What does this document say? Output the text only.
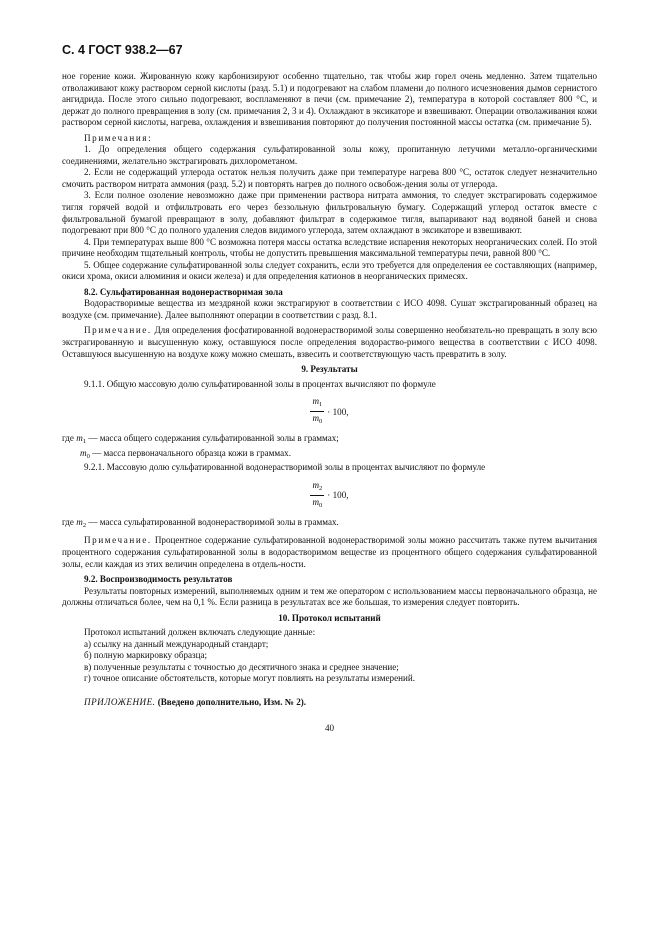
С. 4 ГОСТ 938.2—67

ное горение кожи. Жированную кожу карбонизируют особенно тщательно, так чтобы жир горел очень медленно. Затем тщательно отволаживают кожу раствором серной кислоты (разд. 5.1) и подогревают на слабом пламени до полного исчезновения дымов сернистого ангидрида. После этого сильно подогревают, воспламеняют в печи (см. примечание 2), температура в которой составляет 800 °С, и держат до полного превращения в золу (см. примечания 2, 3 и 4). Охлаждают в эксикаторе и взвешивают. Операции отволаживания кожи раствором серной кислоты, нагрева, охлаждения и взвешивания повторяют до получения постоянной массы остатка (см. примечание 5).

Примечания:

1. До определения общего содержания сульфатированной золы кожу, пропитанную летучими металло-органическими соединениями, желательно экстрагировать дихлорометаном.

2. Если не содержащий углерода остаток нельзя получить даже при температуре нагрева 800 °С, остаток следует незначительно смочить раствором нитрата аммония (разд. 5.2) и повторять нагрев до полного освобож-дения золы от углерода.

3. Если полное озоление невозможно даже при применении раствора нитрата аммония, то следует экстрагировать содержимое тигля горячей водой и отфильтровать его через беззольную фильтровальную бумагу. Содержащий углерод остаток вместе с фильтровальной бумагой превращают в золу, добавляют фильтрат в содержимое тигля, выпаривают над водяной баней и снова подогревают при 800 °С до полного удаления следов видимого углерода, затем охлаждают в эксикаторе и взвешивают.

4. При температурах выше 800 °С возможна потеря массы остатка вследствие испарения некоторых неорганических солей. По этой причине необходим тщательный контроль, чтобы не допустить превышения максимальной температуры печи, равной 800 °С.

5. Общее содержание сульфатированной золы следует сохранить, если это требуется для определения ее составляющих (например, окиси хрома, окиси алюминия и окиси железа) и для определения катионов в неорганических примесях.

8.2. Сульфатированная водонерастворимая зола

Водорастворимые вещества из мездряной кожи экстрагируют в соответствии с ИСО 4098. Сушат экстрагированный образец на воздухе (см. примечание). Далее выполняют операции в соответствии с разд. 8.1.

Примечание. Для определения фосфатированной водонерастворимой золы совершенно необязатель-но превращать в золу всю экстрагированную и высушенную кожу, оставшуюся после определения водораство-римого вещества в соответствии с ИСО 4098. Оставшуюся высушенную на воздухе кожу можно смешать, взвесить и соответствующую часть превратить в золу.

9. Результаты

9.1.1. Общую массовую долю сульфатированной золы в процентах вычисляют по формуле

$\frac{m_1}{m_0} \cdot 100$,

где $m_1$ — масса общего содержания сульфатированной золы в граммах;

$m_0$ — масса первоначального образца кожи в граммах.

9.2.1. Массовую долю сульфатированной водонерастворимой золы в процентах вычисляют по формуле

$\frac{m_2}{m_0} \cdot 100$,

где $m_2$ — масса сульфатированной водонерастворимой золы в граммах.

Примечание. Процентное содержание сульфатированной водонерастворимой золы можно рассчитать также путем вычитания процентного содержания сульфатированной золы в водорастворимом веществе из процентного общего содержания сульфатированной золы, если каждая из этих величин определена в отдель-ности.

9.2. Воспроизводимость результатов

Результаты повторных измерений, выполняемых одним и тем же оператором с использованием массы первоначального образца, не должны отличаться более, чем на 0,1 %. Если разница в результатах все же большая, то измерения следует повторить.

10. Протокол испытаний

Протокол испытаний должен включать следующие данные:

а) ссылку на данный международный стандарт;

б) полную маркировку образца;

в) полученные результаты с точностью до десятичного знака и среднее значение;

г) точное описание обстоятельств, которые могут повлиять на результаты измерений.

ПРИЛОЖЕНИЕ. (Введено дополнительно, Изм. № 2).

40
